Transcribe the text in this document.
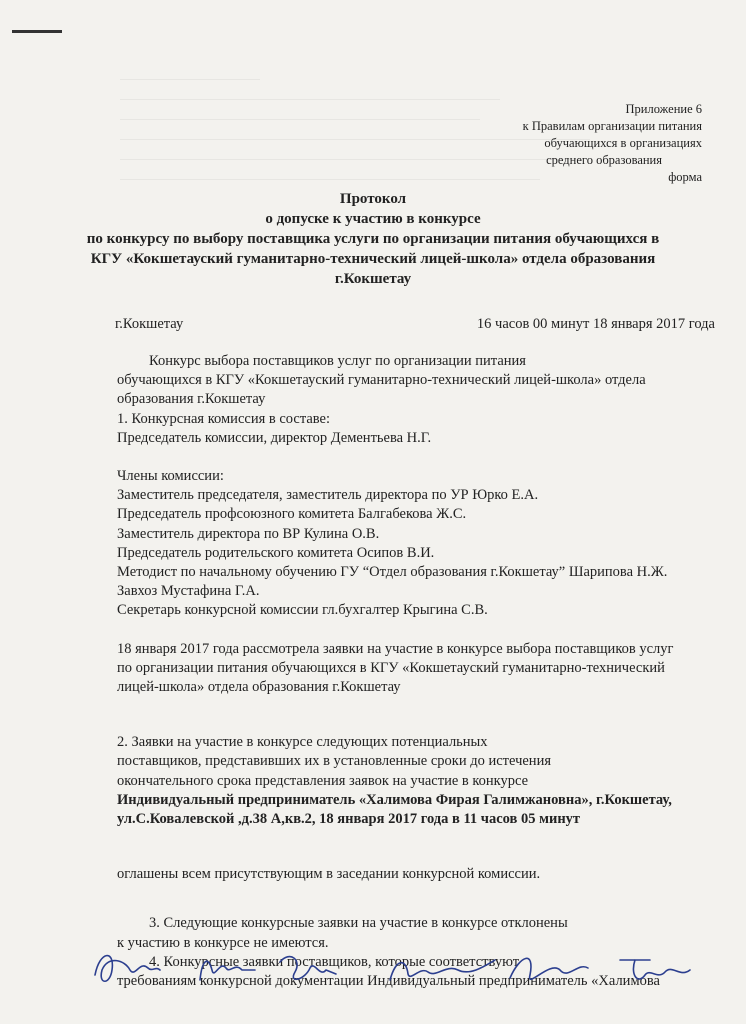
Приложение 6
к Правилам организации питания
обучающихся в организациях
среднего образования
форма
Протокол
о допуске к участию в конкурсе
по конкурсу по выбору поставщика услуги по организации питания обучающихся в
КГУ «Кокшетауский гуманитарно-технический лицей-школа» отдела образования
г.Кокшетау
г.Кокшетау	16 часов 00 минут 18 января 2017 года

Конкурс выбора поставщиков услуг по организации питания

обучающихся в КГУ «Кокшетауский гуманитарно-технический лицей-школа» отдела

образования г.Кокшетау

1. Конкурсная комиссия в составе:

Председатель комиссии, директор Дементьева Н.Г.

Члены комиссии:

Заместитель председателя, заместитель директора по УР Юрко Е.А.

Председатель профсоюзного комитета Балгабекова Ж.С.

Заместитель директора по ВР Кулина О.В.

Председатель родительского комитета Осипов В.И.

Методист по начальному обучению ГУ “Отдел образования г.Кокшетау” Шарипова Н.Ж.

Завхоз Мустафина Г.А.

Секретарь конкурсной комиссии гл.бухгалтер Крыгина С.В.

18 января 2017 года рассмотрела заявки на участие в конкурсе выбора поставщиков услуг

по организации питания обучающихся в КГУ «Кокшетауский гуманитарно-технический

лицей-школа» отдела образования г.Кокшетау

2. Заявки на участие в конкурсе следующих потенциальных

поставщиков, представивших их в установленные сроки до истечения

окончательного срока представления заявок на участие в конкурсе

Индивидуальный предприниматель «Халимова Фирая Галимжановна», г.Кокшетау,

ул.С.Ковалевской ,д.38 А,кв.2, 18 января 2017 года в 11 часов 05 минут

оглашены всем присутствующим в заседании конкурсной комиссии.

3. Следующие конкурсные заявки на участие в конкурсе отклонены

к участию в конкурсе не имеются.

4. Конкурсные заявки поставщиков, которые соответствуют

требованиям конкурсной документации Индивидуальный предприниматель «Халимова
